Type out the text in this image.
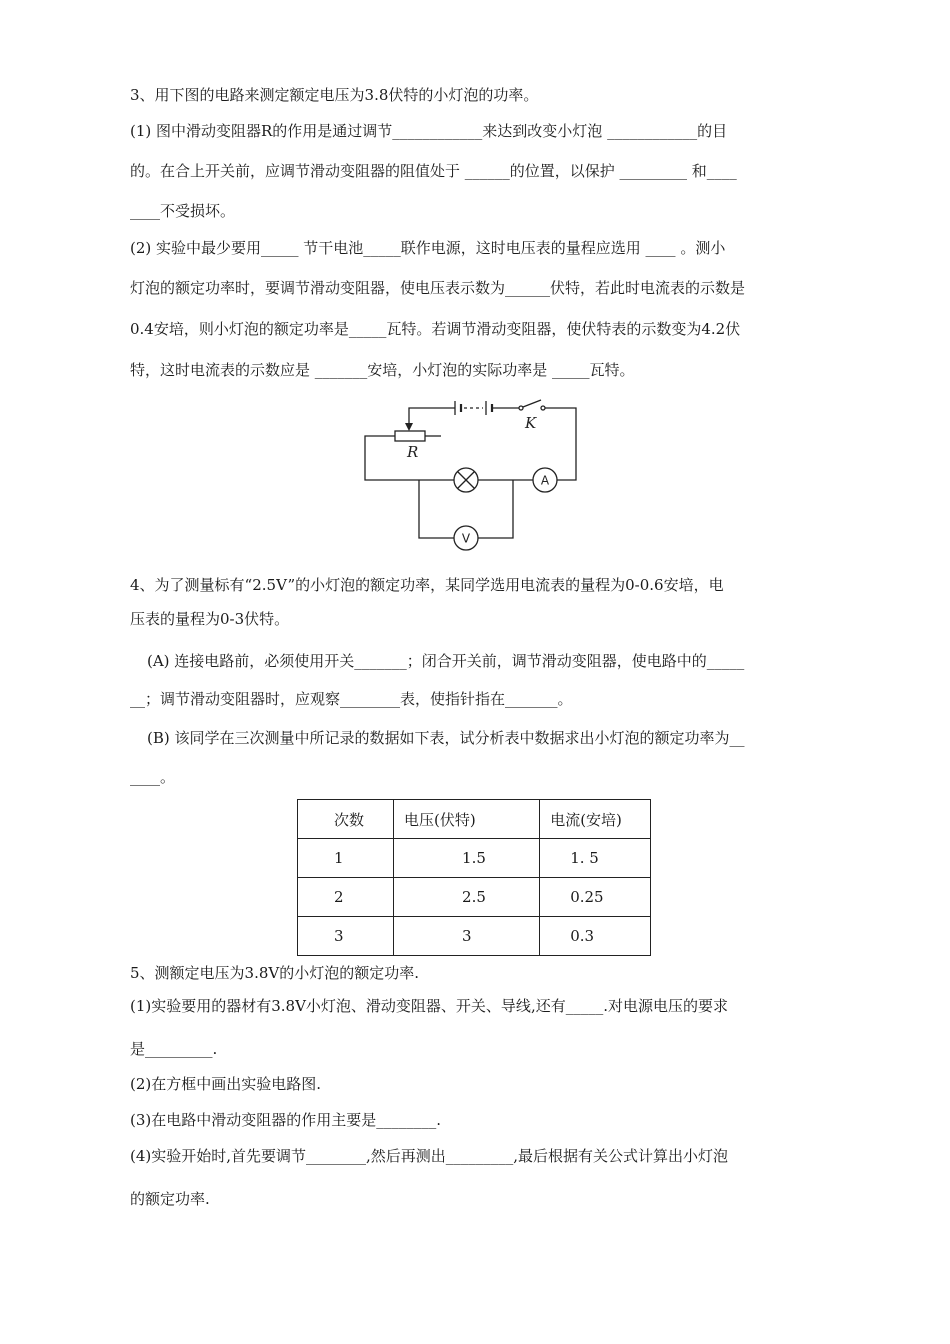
3、用下图的电路来测定额定电压为3.8伏特的小灯泡的功率。
(1) 图中滑动变阻器R的作用是通过调节____________来达到改变小灯泡 ____________的目
的。在合上开关前，应调节滑动变阻器的阻值处于 ______的位置，以保护 _________ 和____
____不受损坏。
(2) 实验中最少要用_____ 节干电池_____联作电源，这时电压表的量程应选用 ____ 。测小
灯泡的额定功率时，要调节滑动变阻器，使电压表示数为______伏特，若此时电流表的示数是
0.4安培，则小灯泡的额定功率是_____瓦特。若调节滑动变阻器，使伏特表的示数变为4.2伏
特，这时电流表的示数应是 _______安培，小灯泡的实际功率是 _____瓦特。
R
K
A
V
4、为了测量标有“2.5V”的小灯泡的额定功率，某同学选用电流表的量程为0-0.6安培，电
压表的量程为0-3伏特。
(A) 连接电路前，必须使用开关_______；闭合开关前，调节滑动变阻器，使电路中的_____
__；调节滑动变阻器时，应观察________表，使指针指在_______。
(B) 该同学在三次测量中所记录的数据如下表，试分析表中数据求出小灯泡的额定功率为__
____。
次数	电压(伏特)	电流(安培)
1	1.5	1. 5
2	2.5	0.25
3	3	0.3
5、测额定电压为3.8V的小灯泡的额定功率.
(1)实验要用的器材有3.8V小灯泡、滑动变阻器、开关、导线,还有_____.对电源电压的要求
是_________.
(2)在方框中画出实验电路图.
(3)在电路中滑动变阻器的作用主要是________.
(4)实验开始时,首先要调节________,然后再测出_________,最后根据有关公式计算出小灯泡
的额定功率.
